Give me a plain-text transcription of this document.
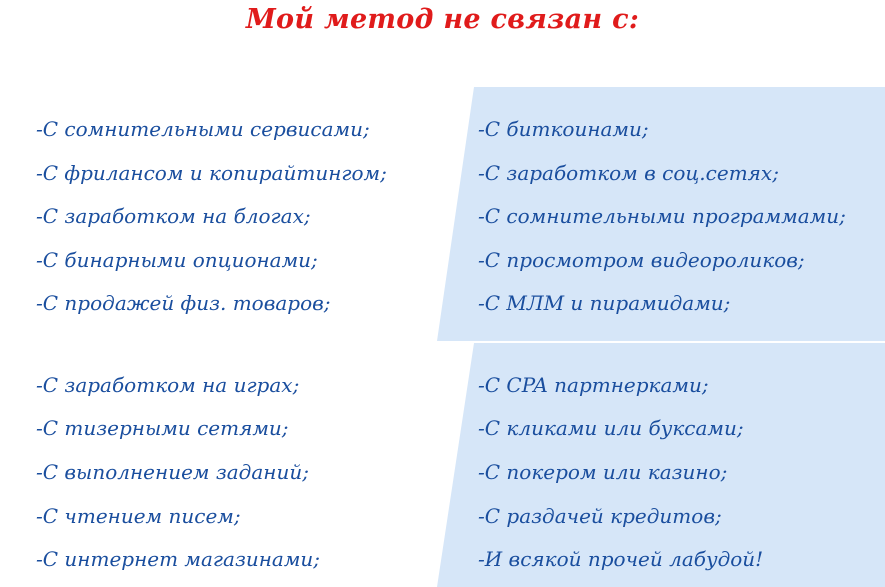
Мой метод не связан с:
-С сомнительными сервисами;
-С фрилансом и копирайтингом;
-С заработком на блогах;
-С бинарными опционами;
-С продажей физ. товаров;
-С заработком на играх;
-С тизерными сетями;
-С выполнением заданий;
-С чтением писем;
-С интернет магазинами;
-С биткоинами;
-С заработком в соц.сетях;
-С сомнительными программами;
-С просмотром видеороликов;
-С МЛМ и пирамидами;
-С CPA партнерками;
-С кликами или буксами;
-С покером или казино;
-С раздачей кредитов;
-И всякой прочей лабудой!
